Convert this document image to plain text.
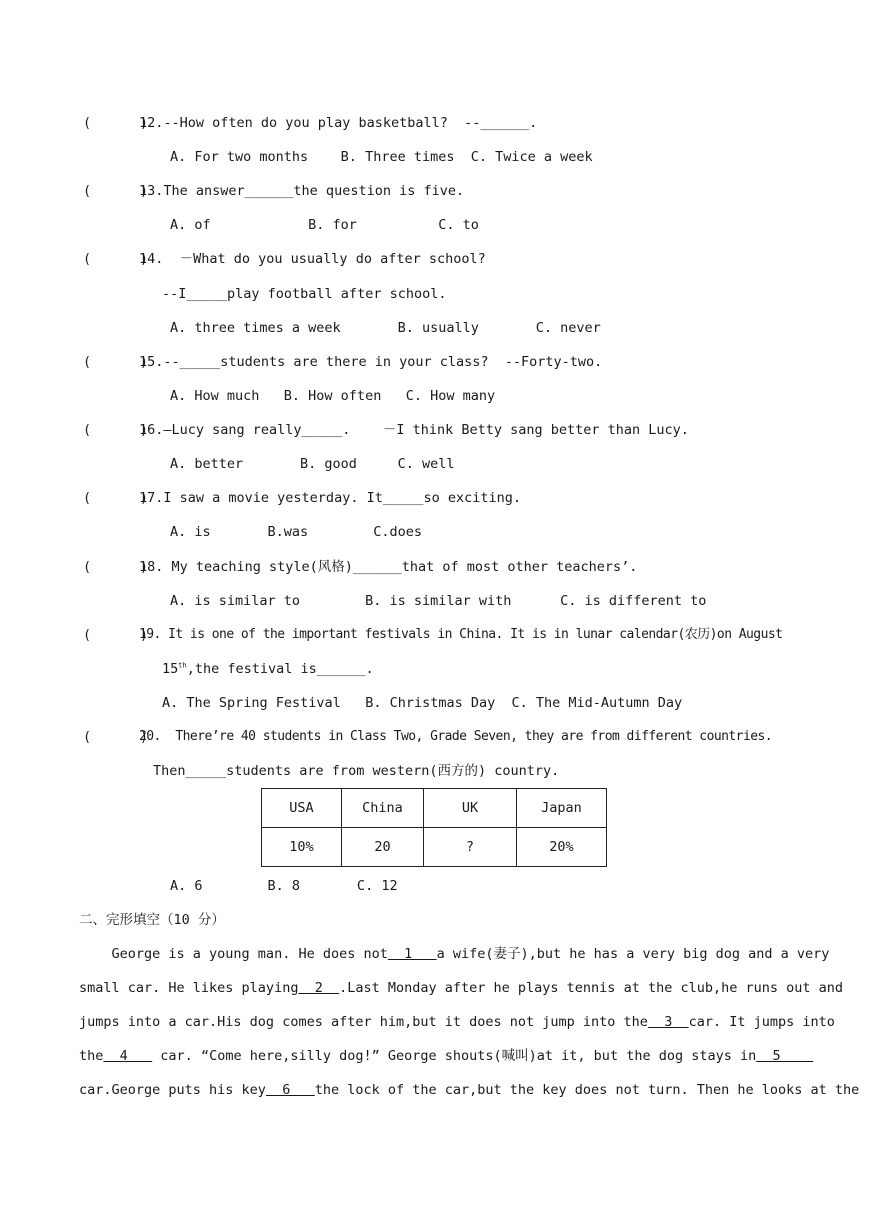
(      )
12.--How often do you play basketball?  --______.
A. For two months    B. Three times  C. Twice a week
(      )
13.The answer______the question is five.
A. of            B. for          C. to
(      )
14.  －What do you usually do after school?
--I_____play football after school.
A. three times a week       B. usually       C. never
(      )
15.--_____students are there in your class?  --Forty-two.
A. How much   B. How often   C. How many
(      )
16.—Lucy sang really_____.    －I think Betty sang better than Lucy.
A. better       B. good     C. well
(      )
17.I saw a movie yesterday. It_____so exciting.
A. is       B.was        C.does
(      )
18. My teaching style(风格)______that of most other teachers’.
A. is similar to        B. is similar with      C. is different to
(      )
19. It is one of the important festivals in China. It is in lunar calendar(农历)on August
15th,the festival is______.
A. The Spring Festival   B. Christmas Day  C. The Mid-Autumn Day
(      )
20.  There’re 40 students in Class Two, Grade Seven, they are from different countries.
Then_____students are from western(西方的) country.
USA	China	UK	Japan
10%	20	?	20%
A. 6        B. 8       C. 12
二、完形填空（10 分）
George is a young man. He does not  1   a wife(妻子),but he has a very big dog and a very
small car. He likes playing  2  .Last Monday after he plays tennis at the club,he runs out and
jumps into a car.His dog comes after him,but it does not jump into the  3  car. It jumps into
the  4    car. “Come here,silly dog!” George shouts(喊叫)at it, but the dog stays in  5
car.George puts his key  6   the lock of the car,but the key does not turn. Then he looks at the
